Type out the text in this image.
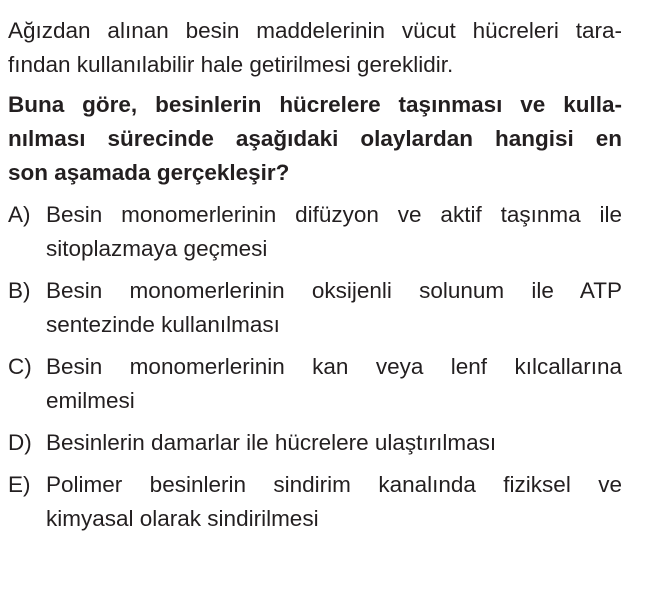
Ağızdan alınan besin maddelerinin vücut hücreleri tara-
fından kullanılabilir hale getirilmesi gereklidir.
Buna göre, besinlerin hücrelere taşınması ve kulla-
nılması sürecinde aşağıdaki olaylardan hangisi en
son aşamada gerçekleşir?
A) Besin monomerlerinin difüzyon ve aktif taşınma ile
sitoplazmaya geçmesi
B) Besin monomerlerinin oksijenli solunum ile ATP
sentezinde kullanılması
C) Besin monomerlerinin kan veya lenf kılcallarına
emilmesi
D) Besinlerin damarlar ile hücrelere ulaştırılması
E) Polimer besinlerin sindirim kanalında fiziksel ve
kimyasal olarak sindirilmesi
